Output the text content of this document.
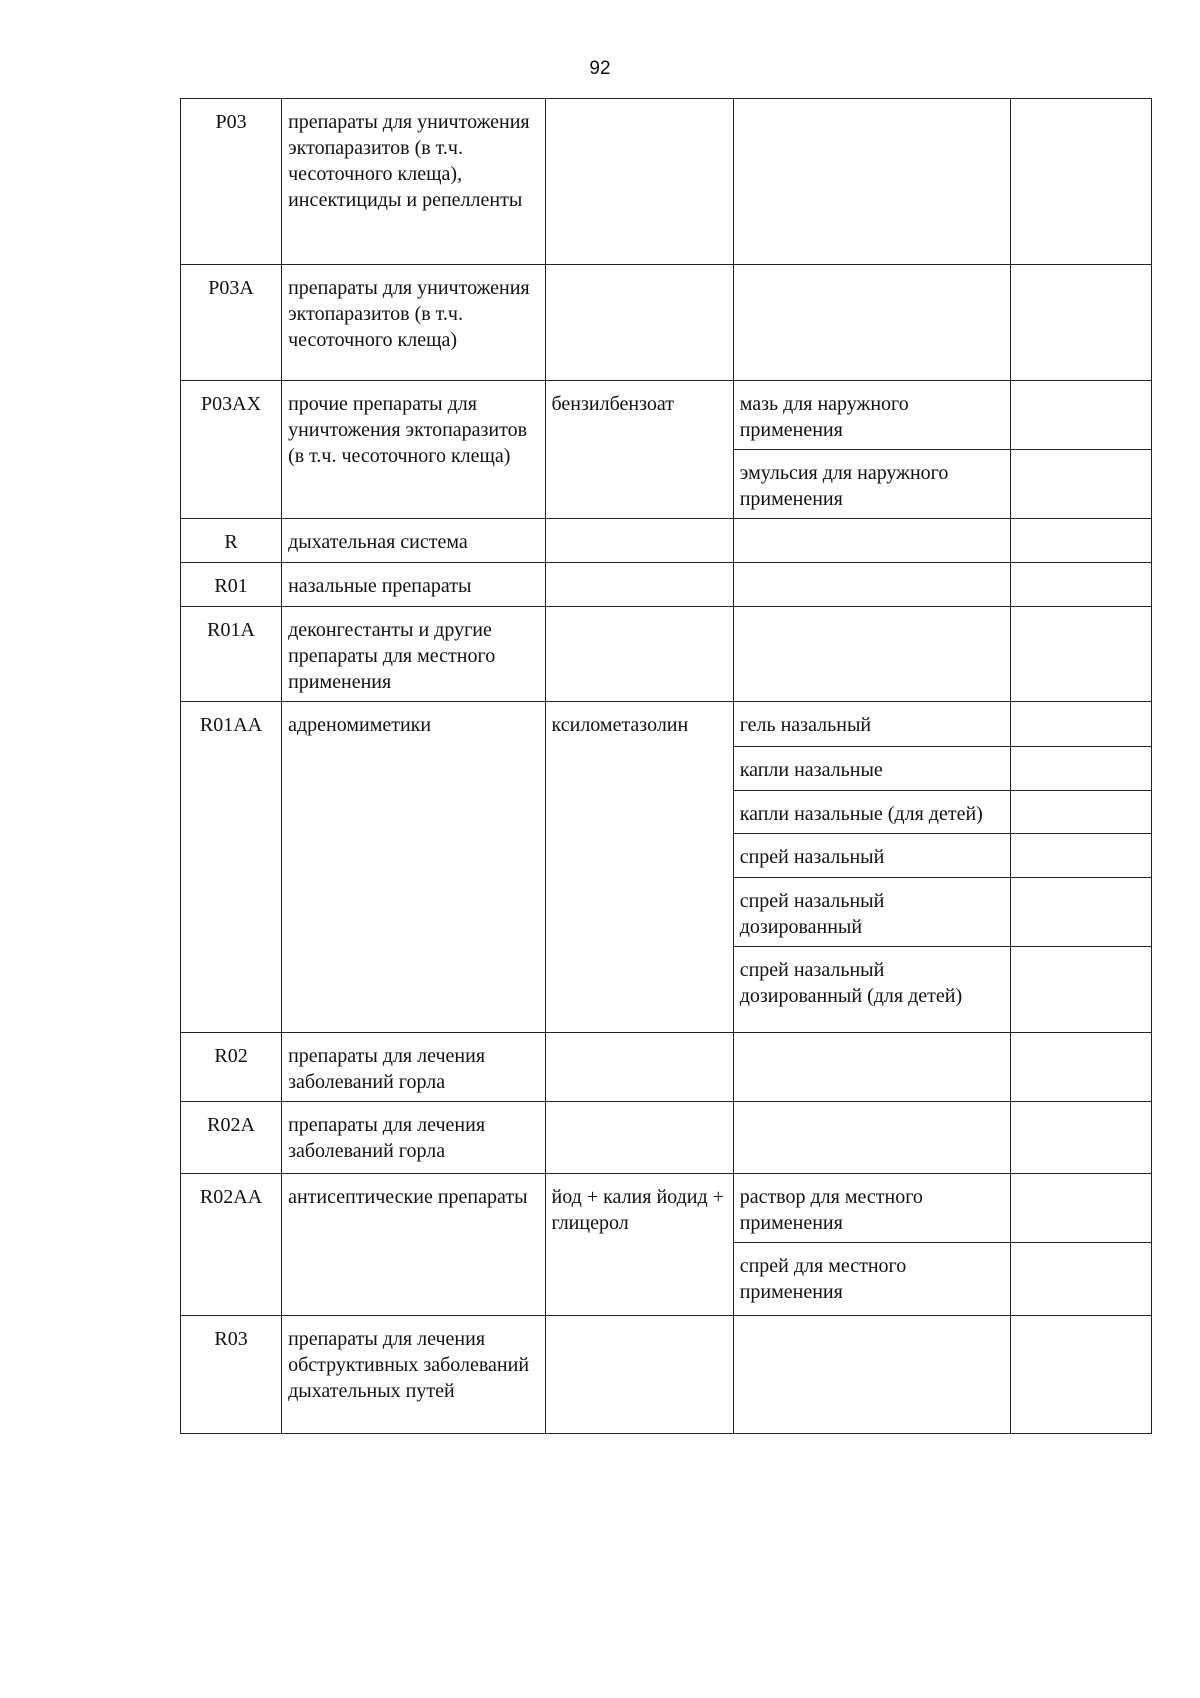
92
Р03	препараты для уничтожения эктопаразитов (в т.ч. чесоточного клеща), инсектициды и репелленты			
Р03А	препараты для уничтожения эктопаразитов (в т.ч. чесоточного клеща)			
Р03АХ	прочие препараты для уничтожения эктопаразитов (в т.ч. чесоточного клеща)	бензилбензоат	мазь для наружного применения	
			эмульсия для наружного применения	
R	дыхательная система			
R01	назальные препараты			
R01A	деконгестанты и другие препараты для местного применения			
R01AA	адреномиметики	ксилометазолин	гель назальный	
			капли назальные	
			капли назальные (для детей)	
			спрей назальный	
			спрей назальный дозированный	
			спрей назальный дозированный (для детей)	
R02	препараты для лечения заболеваний горла			
R02A	препараты для лечения заболеваний горла			
R02AA	антисептические препараты	йод + калия йодид + глицерол	раствор для местного применения	
			спрей для местного применения	
R03	препараты для лечения обструктивных заболеваний дыхательных путей			
